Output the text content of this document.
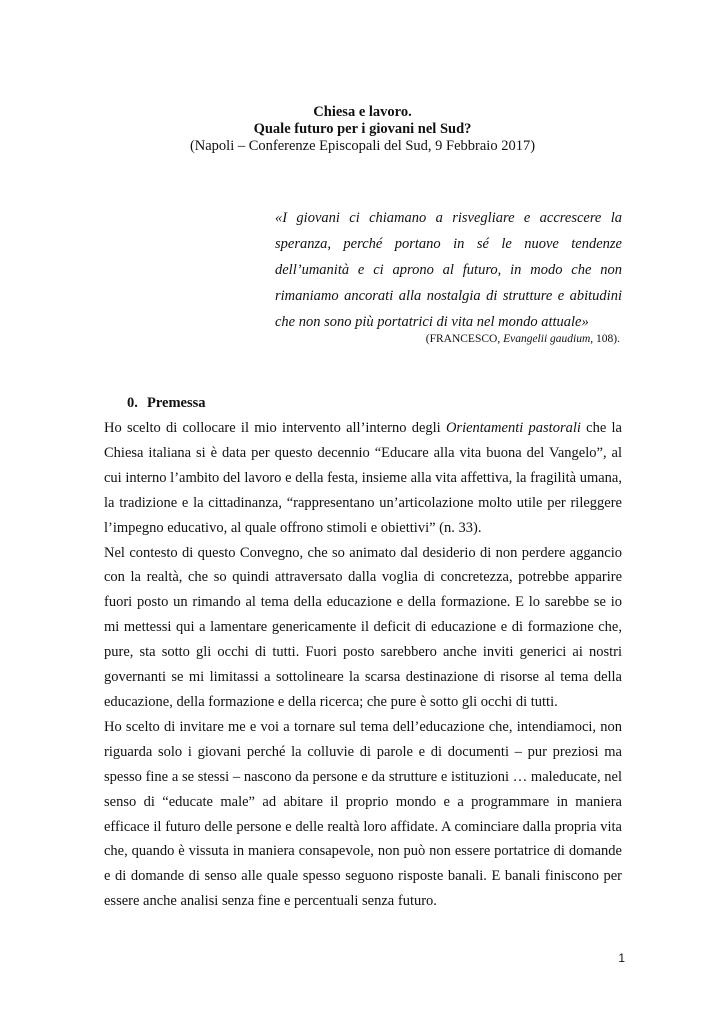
Chiesa e lavoro.
Quale futuro per i giovani nel Sud?
(Napoli – Conferenze Episcopali del Sud, 9 Febbraio 2017)
«I giovani ci chiamano a risvegliare e accrescere la speranza, perché portano in sé le nuove tendenze dell’umanità e ci aprono al futuro, in modo che non rimaniamo ancorati alla nostalgia di strutture e abitudini che non sono più portatrici di vita nel mondo attuale»
(FRANCESCO, Evangelii gaudium, 108).
0. Premessa

Ho scelto di collocare il mio intervento all’interno degli Orientamenti pastorali che la Chiesa italiana si è data per questo decennio “Educare alla vita buona del Vangelo”, al cui interno l’ambito del lavoro e della festa, insieme alla vita affettiva, la fragilità umana, la tradizione e la cittadinanza, “rappresentano un’articolazione molto utile per rileggere l’impegno educativo, al quale offrono stimoli e obiettivi” (n. 33).

Nel contesto di questo Convegno, che so animato dal desiderio di non perdere aggancio con la realtà, che so quindi attraversato dalla voglia di concretezza, potrebbe apparire fuori posto un rimando al tema della educazione e della formazione. E lo sarebbe se io mi mettessi qui a lamentare genericamente il deficit di educazione e di formazione che, pure, sta sotto gli occhi di tutti. Fuori posto sarebbero anche inviti generici ai nostri governanti se mi limitassi a sottolineare la scarsa destinazione di risorse al tema della educazione, della formazione e della ricerca; che pure è sotto gli occhi di tutti.

Ho scelto di invitare me e voi a tornare sul tema dell’educazione che, intendiamoci, non riguarda solo i giovani perché la colluvie di parole e di documenti – pur preziosi ma spesso fine a se stessi – nascono da persone e da strutture e istituzioni … maleducate, nel senso di “educate male” ad abitare il proprio mondo e a programmare in maniera efficace il futuro delle persone e delle realtà loro affidate. A cominciare dalla propria vita che, quando è vissuta in maniera consapevole, non può non essere portatrice di domande e di domande di senso alle quale spesso seguono risposte banali. E banali finiscono per essere anche analisi senza fine e percentuali senza futuro.

1
